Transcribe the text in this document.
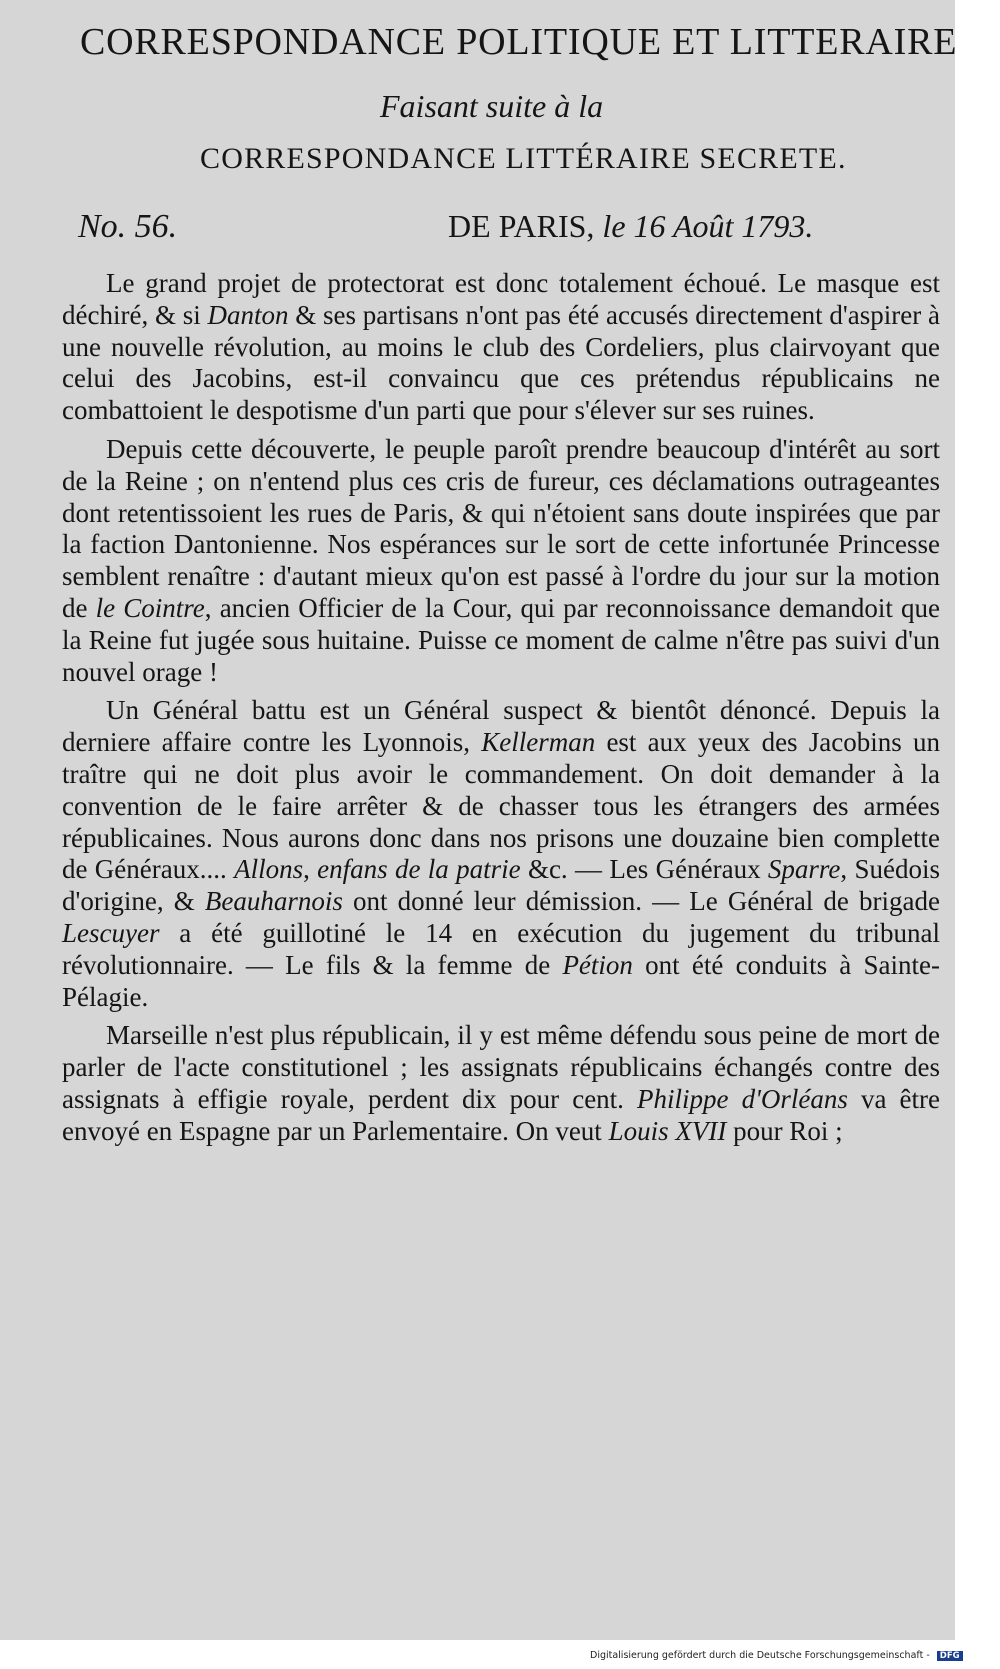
CORRESPONDANCE POLITIQUE ET LITTERAIRE
Faisant suite à la
CORRESPONDANCE LITTÉRAIRE SECRETE.
No. 56.	DE PARIS, le 16 Août 1793.

Le grand projet de protectorat est donc totalement échoué. Le masque est déchiré, & si Danton & ses partisans n'ont pas été accusés directement d'aspirer à une nouvelle révolution, au moins le club des Cordeliers, plus clairvoyant que celui des Jacobins, est-il convaincu que ces prétendus républicains ne combattoient le despotisme d'un parti que pour s'élever sur ses ruines.

Depuis cette découverte, le peuple paroît prendre beaucoup d'intérêt au sort de la Reine ; on n'entend plus ces cris de fureur, ces déclamations outrageantes dont retentissoient les rues de Paris, & qui n'étoient sans doute inspirées que par la faction Dantonienne. Nos espérances sur le sort de cette infortunée Princesse semblent renaître : d'autant mieux qu'on est passé à l'ordre du jour sur la motion de le Cointre, ancien Officier de la Cour, qui par reconnoissance demandoit que la Reine fut jugée sous huitaine. Puisse ce moment de calme n'être pas suivi d'un nouvel orage !

Un Général battu est un Général suspect & bientôt dénoncé. Depuis la derniere affaire contre les Lyonnois, Kellerman est aux yeux des Jacobins un traître qui ne doit plus avoir le commandement. On doit demander à la convention de le faire arrêter & de chasser tous les étrangers des armées républicaines. Nous aurons donc dans nos prisons une douzaine bien complette de Généraux.... Allons, enfans de la patrie &c. — Les Généraux Sparre, Suédois d'origine, & Beauharnois ont donné leur démission. — Le Général de brigade Lescuyer a été guillotiné le 14 en exécution du jugement du tribunal révolutionnaire. — Le fils & la femme de Pétion ont été conduits à Sainte-Pélagie.

Marseille n'est plus républicain, il y est même défendu sous peine de mort de parler de l'acte constitutionel ; les assignats républicains échangés contre des assignats à effigie royale, perdent dix pour cent. Philippe d'Orléans va être envoyé en Espagne par un Parlementaire. On veut Louis XVII pour Roi ;

Digitalisierung gefördert durch die Deutsche Forschungsgemeinschaft - DFG
